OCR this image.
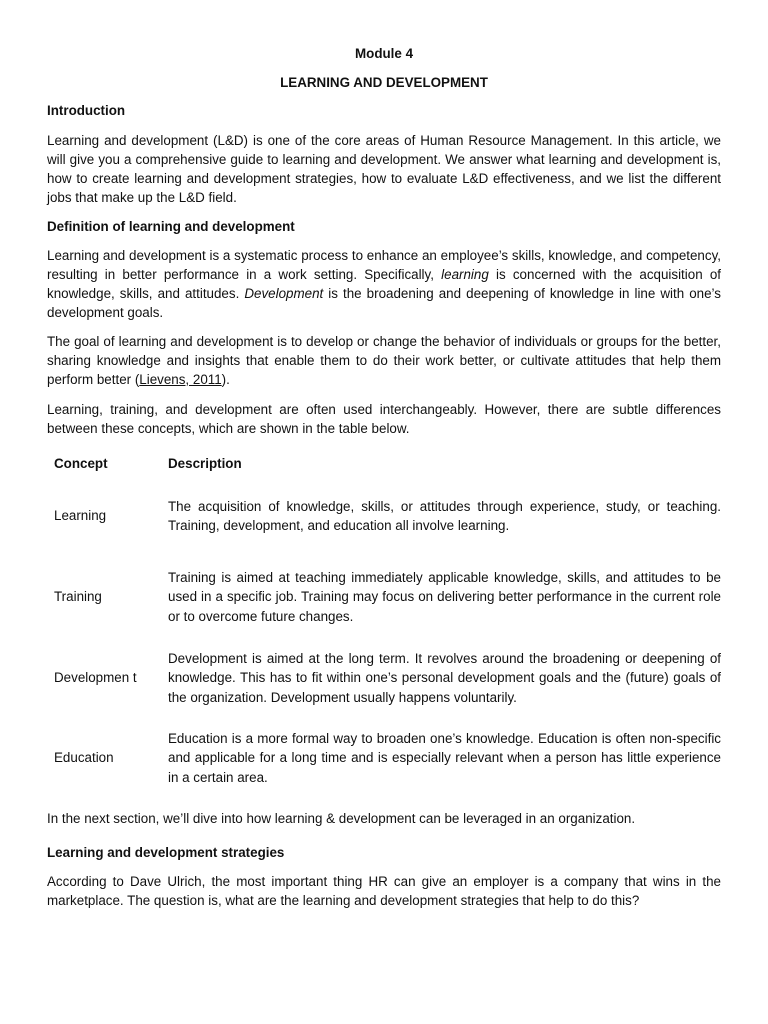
Module 4
LEARNING AND DEVELOPMENT
Introduction

Learning and development (L&D) is one of the core areas of Human Resource Management. In this article, we will give you a comprehensive guide to learning and development. We answer what learning and development is, how to create learning and development strategies, how to evaluate L&D effectiveness, and we list the different jobs that make up the L&D field.

Definition of learning and development

Learning and development is a systematic process to enhance an employee’s skills, knowledge, and competency, resulting in better performance in a work setting. Specifically, learning is concerned with the acquisition of knowledge, skills, and attitudes. Development is the broadening and deepening of knowledge in line with one’s development goals.

The goal of learning and development is to develop or change the behavior of individuals or groups for the better, sharing knowledge and insights that enable them to do their work better, or cultivate attitudes that help them perform better (Lievens, 2011).

Learning, training, and development are often used interchangeably. However, there are subtle differences between these concepts, which are shown in the table below.

Concept	Description
Learning	The acquisition of knowledge, skills, or attitudes through experience, study, or teaching. Training, development, and education all involve learning.
Training	Training is aimed at teaching immediately applicable knowledge, skills, and attitudes to be used in a specific job. Training may focus on delivering better performance in the current role or to overcome future changes.
Developmen t	Development is aimed at the long term. It revolves around the broadening or deepening of knowledge. This has to fit within one’s personal development goals and the (future) goals of the organization. Development usually happens voluntarily.
Education	Education is a more formal way to broaden one’s knowledge. Education is often non-specific and applicable for a long time and is especially relevant when a person has little experience in a certain area.

In the next section, we’ll dive into how learning & development can be leveraged in an organization.

Learning and development strategies

According to Dave Ulrich, the most important thing HR can give an employer is a company that wins in the marketplace. The question is, what are the learning and development strategies that help to do this?
